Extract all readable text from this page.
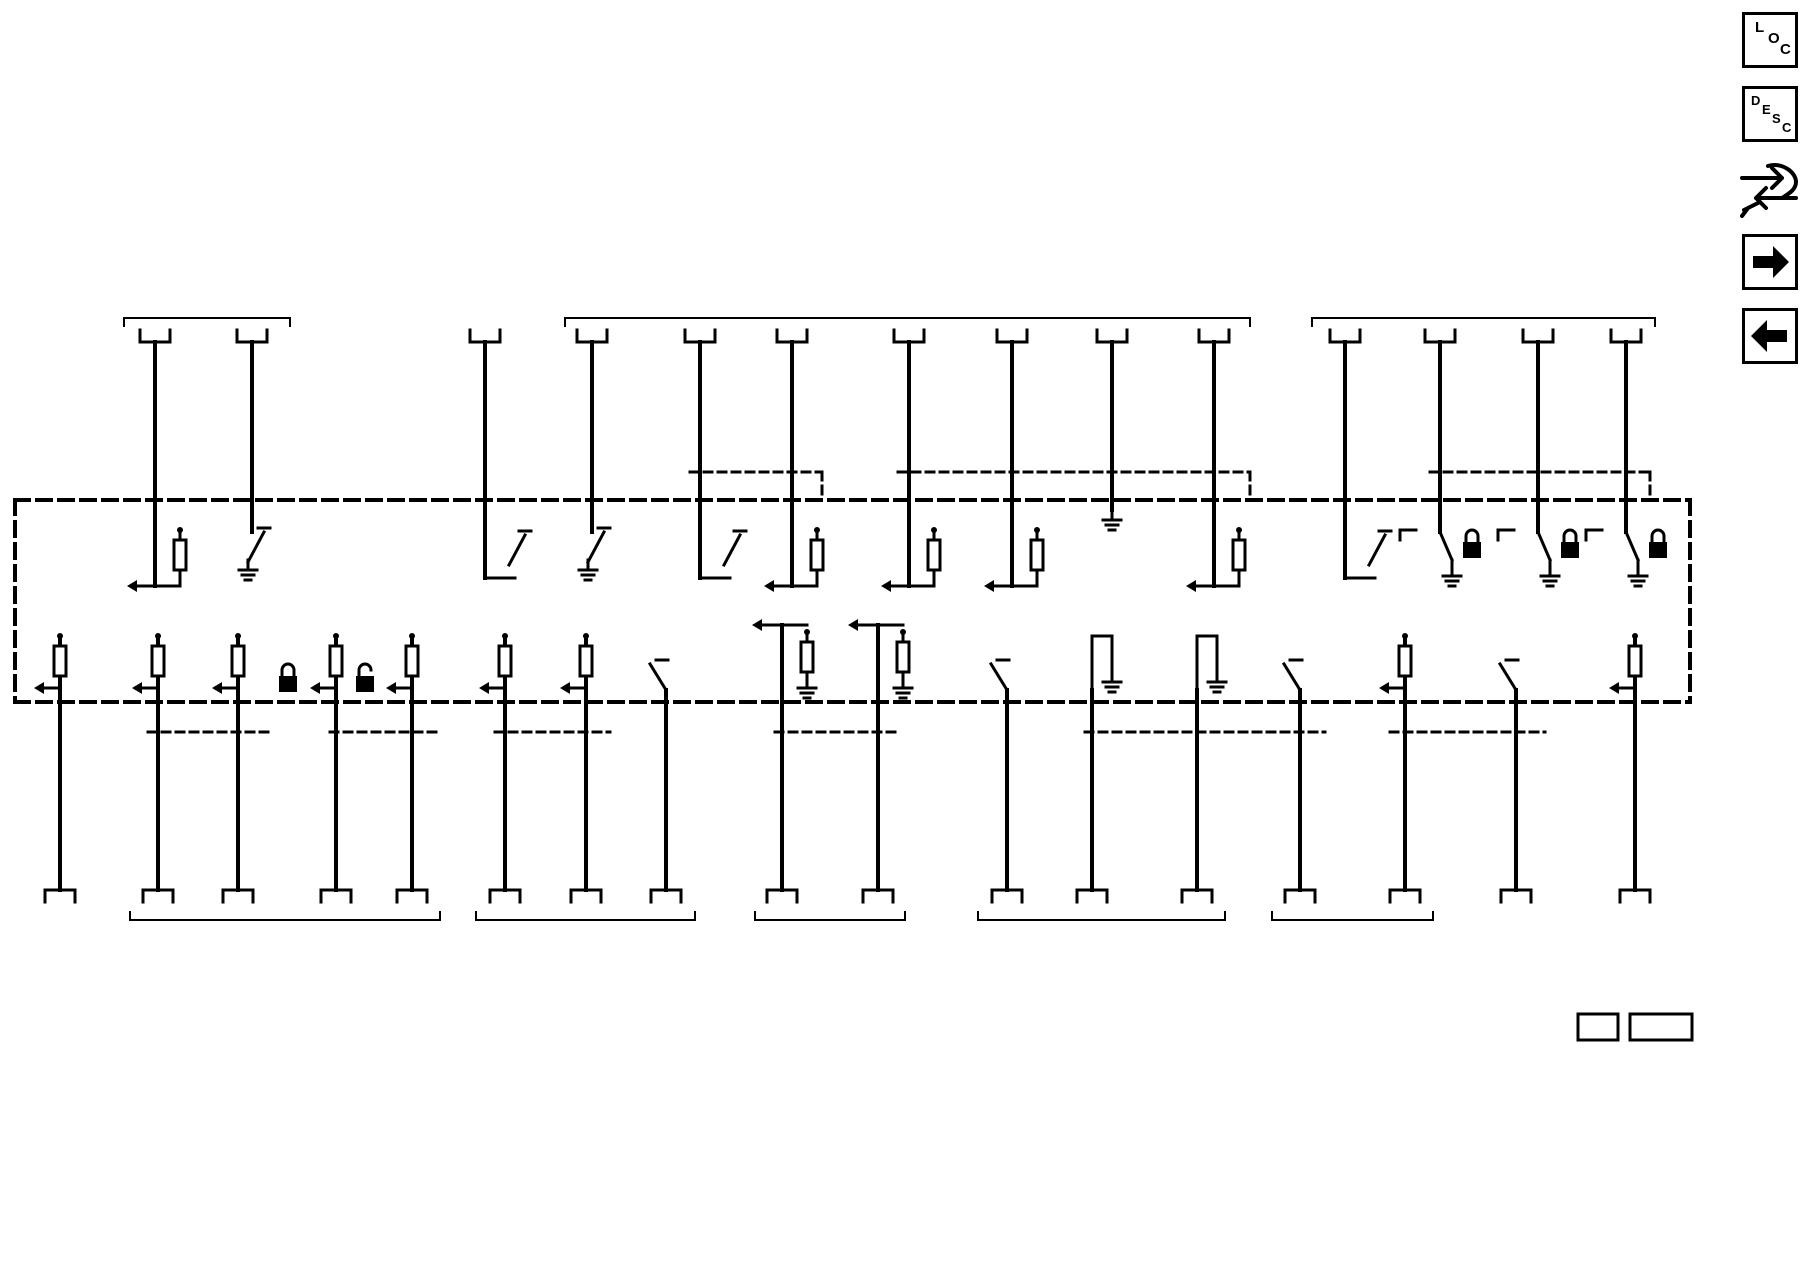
L
O
C
D
E
S
C
